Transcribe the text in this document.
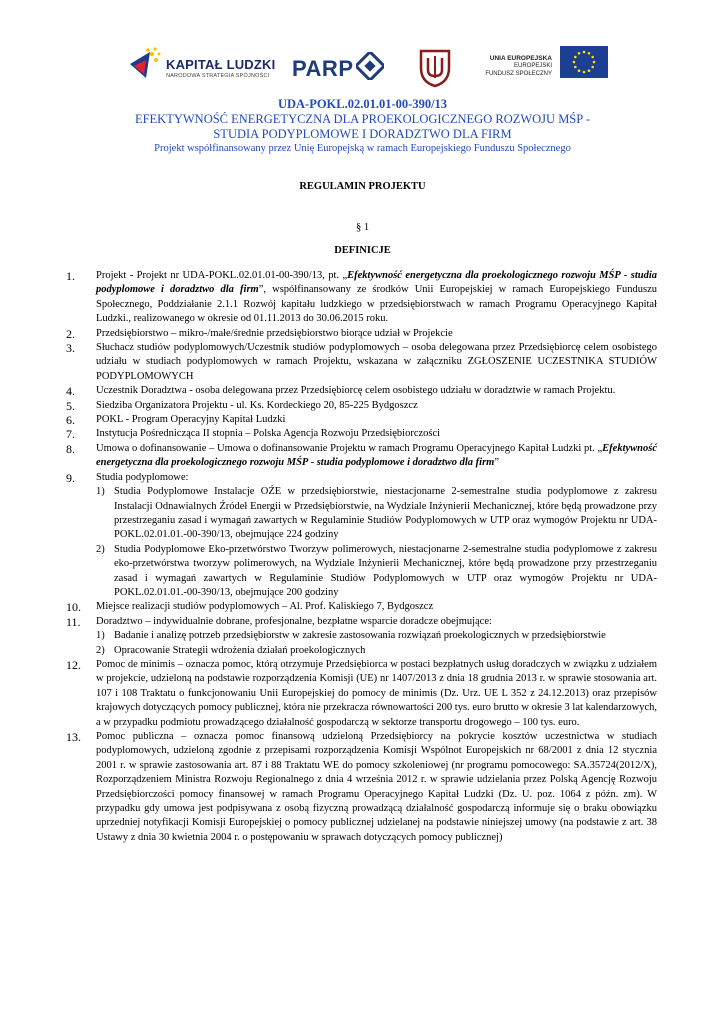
KAPITAŁ LUDZKI
NARODOWA STRATEGIA SPÓJNOŚCI PARP	UNIA EUROPEJSKA
EUROPEJSKI
FUNDUSZ SPOŁECZNY
UDA-POKL.02.01.01-00-390/13
EFEKTYWNOŚĆ ENERGETYCZNA DLA PROEKOLOGICZNEGO ROZWOJU MŚP -
STUDIA PODYPLOMOWE I DORADZTWO DLA FIRM
Projekt współfinansowany przez Unię Europejską w ramach Europejskiego Funduszu Społecznego
REGULAMIN PROJEKTU
§ 1
DEFINICJE
1. Projekt - Projekt nr UDA-POKL.02.01.01-00-390/13, pt. „Efektywność energetyczna dla proekologicznego rozwoju MŚP - studia podyplomowe i doradztwo dla firm”, współfinansowany ze środków Unii Europejskiej w ramach Europejskiego Funduszu Społecznego, Poddziałanie 2.1.1 Rozwój kapitału ludzkiego w przedsiębiorstwach w ramach Programu Operacyjnego Kapitał Ludzki., realizowanego w okresie od 01.11.2013 do 30.06.2015 roku.
2. Przedsiębiorstwo – mikro-/małe/średnie przedsiębiorstwo biorące udział w Projekcie
3. Słuchacz studiów podyplomowych/Uczestnik studiów podyplomowych – osoba delegowana przez Przedsiębiorcę celem osobistego udziału w studiach podyplomowych w ramach Projektu, wskazana w załączniku ZGŁOSZENIE UCZESTNIKA STUDIÓW PODYPLOMOWYCH
4. Uczestnik Doradztwa - osoba delegowana przez Przedsiębiorcę celem osobistego udziału w doradztwie w ramach Projektu.
5. Siedziba Organizatora Projektu - ul. Ks. Kordeckiego 20, 85-225 Bydgoszcz
6. POKL - Program Operacyjny Kapitał Ludzki
7. Instytucja Pośrednicząca II stopnia – Polska Agencja Rozwoju Przedsiębiorczości
8. Umowa o dofinansowanie – Umowa o dofinansowanie Projektu w ramach Programu Operacyjnego Kapitał Ludzki pt. „Efektywność energetyczna dla proekologicznego rozwoju MŚP - studia podyplomowe i doradztwo dla firm”
9. Studia podyplomowe:
1) Studia Podyplomowe Instalacje OŹE w przedsiębiorstwie, niestacjonarne 2-semestralne studia podyplomowe z zakresu Instalacji Odnawialnych Źródeł Energii w Przedsiębiorstwie, na Wydziale Inżynierii Mechanicznej, które będą prowadzone przy przestrzeganiu zasad i wymagań zawartych w Regulaminie Studiów Podyplomowych w UTP oraz wymogów Projektu nr UDA-POKL.02.01.01.-00-390/13, obejmujące 224 godziny
2) Studia Podyplomowe Eko-przetwórstwo Tworzyw polimerowych, niestacjonarne 2-semestralne studia podyplomowe z zakresu eko-przetwórstwa tworzyw polimerowych, na Wydziale Inżynierii Mechanicznej, które będą prowadzone przy przestrzeganiu zasad i wymagań zawartych w Regulaminie Studiów Podyplomowych w UTP oraz wymogów Projektu nr UDA-POKL.02.01.01.-00-390/13, obejmujące 200 godziny
10. Miejsce realizacji studiów podyplomowych – Al. Prof. Kaliskiego 7, Bydgoszcz
11. Doradztwo – indywidualnie dobrane, profesjonalne, bezpłatne wsparcie doradcze obejmujące:
1) Badanie i analizę potrzeb przedsiębiorstw w zakresie zastosowania rozwiązań proekologicznych w przedsiębiorstwie
2) Opracowanie Strategii wdrożenia działań proekologicznych
12. Pomoc de minimis – oznacza pomoc, którą otrzymuje Przedsiębiorca w postaci bezpłatnych usług doradczych w związku z udziałem w projekcie, udzieloną na podstawie rozporządzenia Komisji (UE) nr 1407/2013 z dnia 18 grudnia 2013 r. w sprawie stosowania art. 107 i 108 Traktatu o funkcjonowaniu Unii Europejskiej do pomocy de minimis (Dz. Urz. UE L 352 z 24.12.2013) oraz przepisów krajowych dotyczących pomocy publicznej, która nie przekracza równowartości 200 tys. euro brutto w okresie 3 lat kalendarzowych, a w przypadku podmiotu prowadzącego działalność gospodarczą w sektorze transportu drogowego – 100 tys. euro.
13. Pomoc publiczna – oznacza pomoc finansową udzieloną Przedsiębiorcy na pokrycie kosztów uczestnictwa w studiach podyplomowych, udzieloną zgodnie z przepisami rozporządzenia Komisji Wspólnot Europejskich nr 68/2001 z dnia 12 stycznia 2001 r. w sprawie zastosowania art. 87 i 88 Traktatu WE do pomocy szkoleniowej (nr programu pomocowego: SA.35724(2012/X), Rozporządzeniem Ministra Rozwoju Regionalnego z dnia 4 września 2012 r. w sprawie udzielania przez Polską Agencję Rozwoju Przedsiębiorczości pomocy finansowej w ramach Programu Operacyjnego Kapitał Ludzki (Dz. U. poz. 1064 z późn. zm). W przypadku gdy umowa jest podpisywana z osobą fizyczną prowadzącą działalność gospodarczą informuje się o braku obowiązku uprzedniej notyfikacji Komisji Europejskiej o pomocy publicznej udzielanej na podstawie niniejszej umowy (na podstawie z art. 38 Ustawy z dnia 30 kwietnia 2004 r. o postępowaniu w sprawach dotyczących pomocy publicznej)
